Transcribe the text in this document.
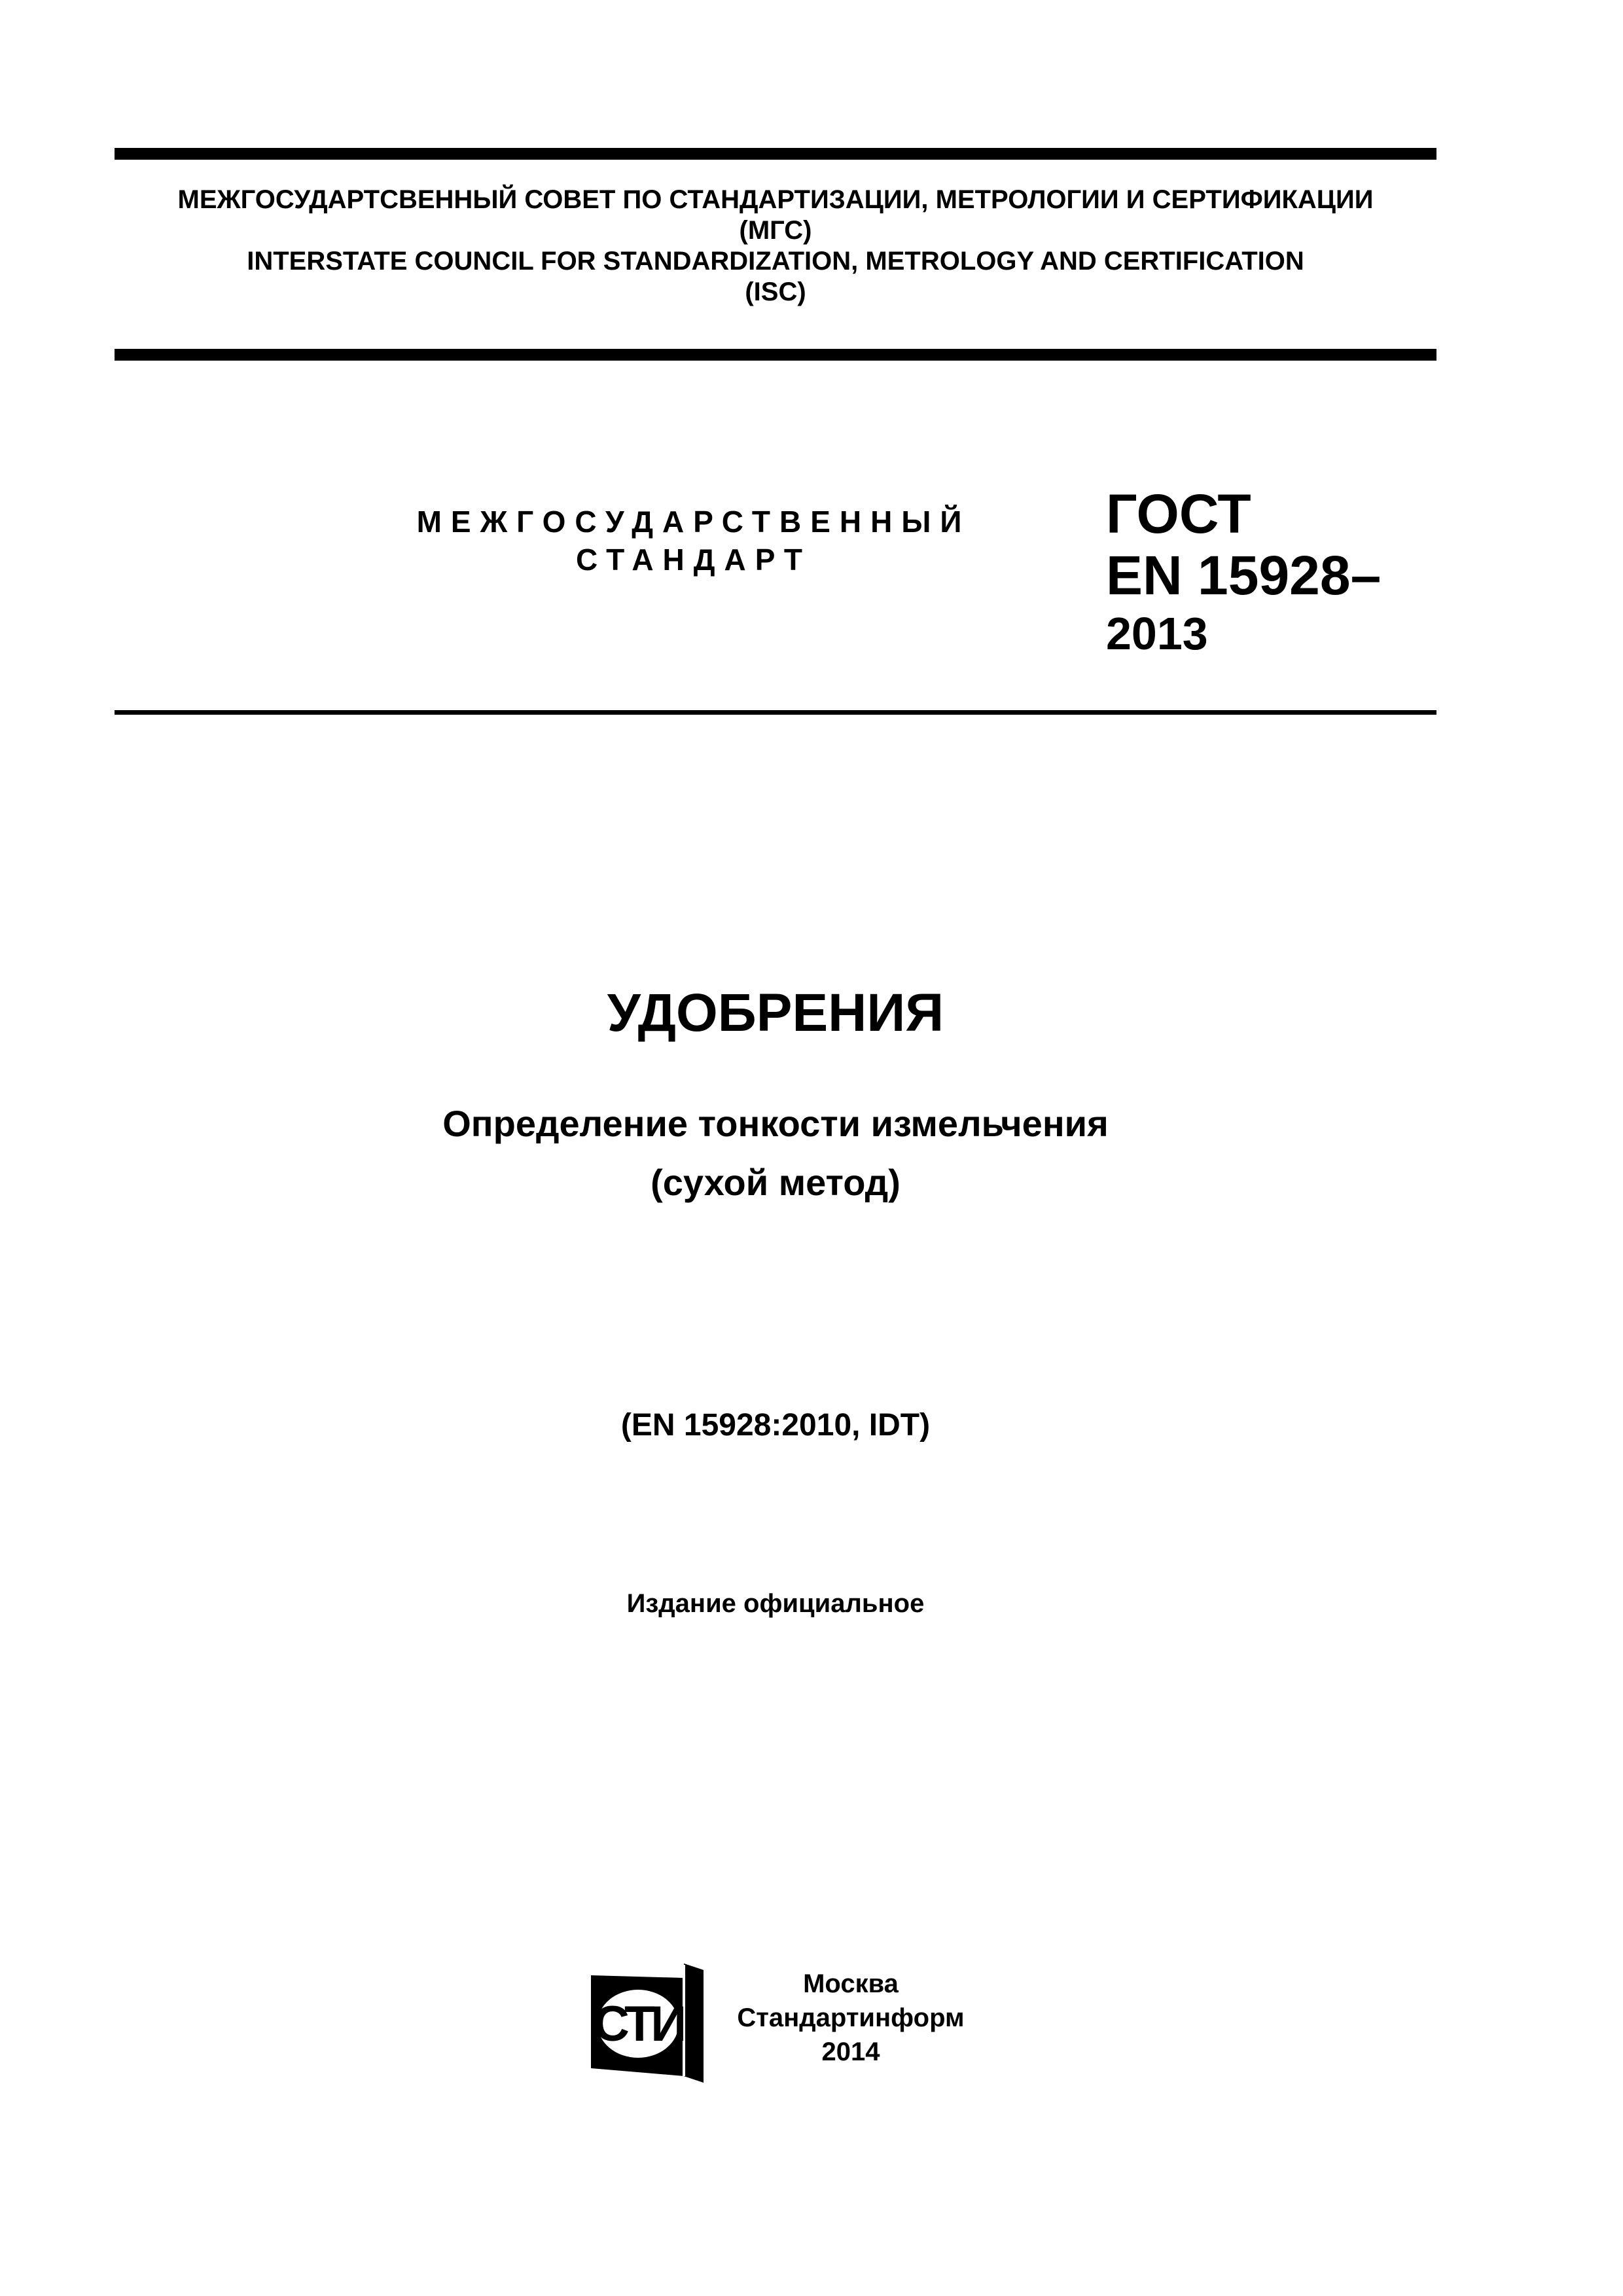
МЕЖГОСУДАРТСВЕННЫЙ СОВЕТ ПО СТАНДАРТИЗАЦИИ, МЕТРОЛОГИИ И СЕРТИФИКАЦИИ
(МГС)
INTERSTATE COUNCIL FOR STANDARDIZATION, METROLOGY AND CERTIFICATION
(ISC)
МЕЖГОСУДАРСТВЕННЫЙ
СТАНДАРТ
ГОСТ
EN 15928–
2013
УДОБРЕНИЯ
Определение тонкости измельчения
(сухой метод)
(EN 15928:2010, IDT)
Издание официальное
СТИ
Москва
Стандартинформ
2014
